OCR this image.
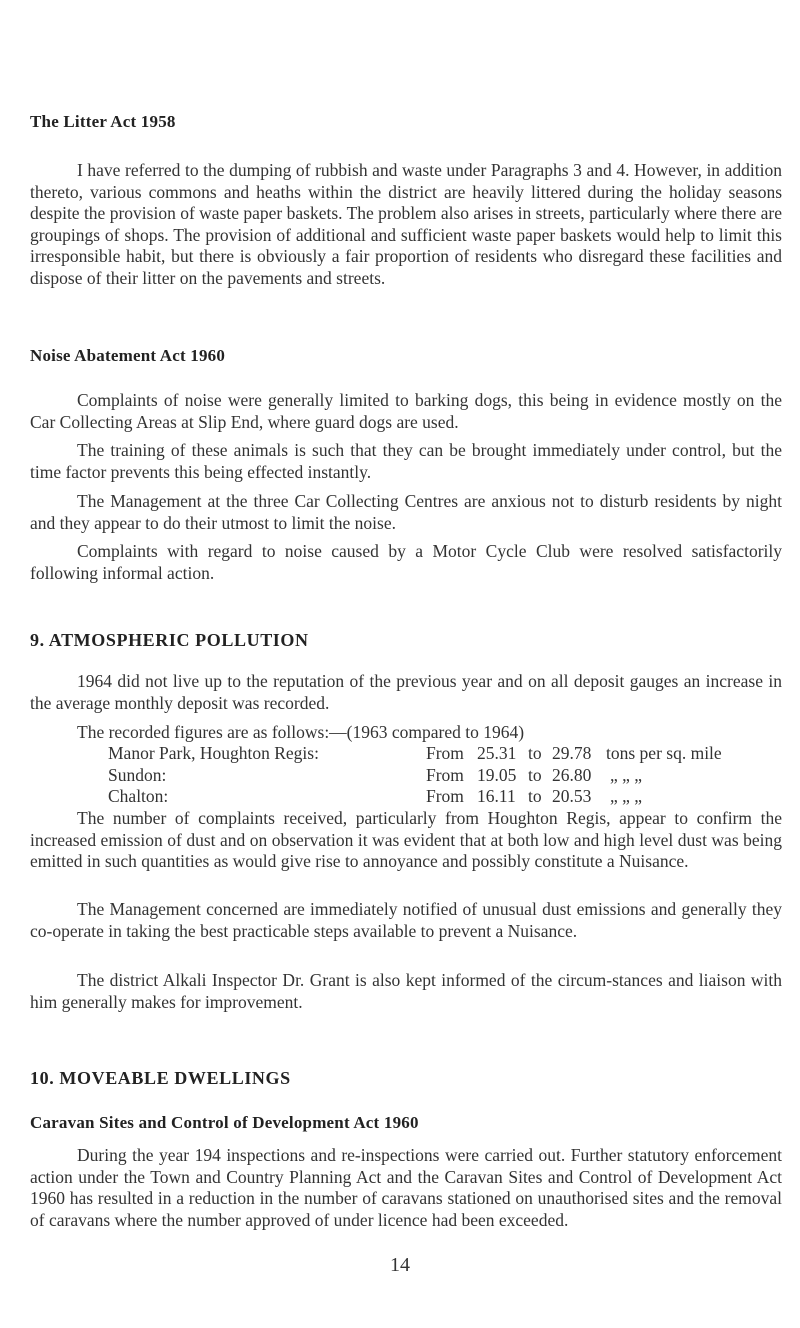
The Litter Act 1958
I have referred to the dumping of rubbish and waste under Paragraphs 3 and 4. However, in addition thereto, various commons and heaths within the district are heavily littered during the holiday seasons despite the provision of waste paper baskets. The problem also arises in streets, particularly where there are groupings of shops. The provision of additional and sufficient waste paper baskets would help to limit this irresponsible habit, but there is obviously a fair proportion of residents who disregard these facilities and dispose of their litter on the pavements and streets.
Noise Abatement Act 1960
Complaints of noise were generally limited to barking dogs, this being in evidence mostly on the Car Collecting Areas at Slip End, where guard dogs are used.
The training of these animals is such that they can be brought immediately under control, but the time factor prevents this being effected instantly.
The Management at the three Car Collecting Centres are anxious not to disturb residents by night and they appear to do their utmost to limit the noise.
Complaints with regard to noise caused by a Motor Cycle Club were resolved satisfactorily following informal action.
9. ATMOSPHERIC POLLUTION
1964 did not live up to the reputation of the previous year and on all deposit gauges an increase in the average monthly deposit was recorded.
The recorded figures are as follows:—(1963 compared to 1964)
Manor Park, Houghton Regis:	From 25.31 to 29.78 tons per sq. mile
Sundon:	From 19.05 to 26.80 „ „ „
Chalton:	From 16.11 to 20.53 „ „ „
The number of complaints received, particularly from Houghton Regis, appear to confirm the increased emission of dust and on observation it was evident that at both low and high level dust was being emitted in such quantities as would give rise to annoyance and possibly constitute a Nuisance.
The Management concerned are immediately notified of unusual dust emissions and generally they co-operate in taking the best practicable steps available to prevent a Nuisance.
The district Alkali Inspector Dr. Grant is also kept informed of the circum-stances and liaison with him generally makes for improvement.
10. MOVEABLE DWELLINGS
Caravan Sites and Control of Development Act 1960
During the year 194 inspections and re-inspections were carried out. Further statutory enforcement action under the Town and Country Planning Act and the Caravan Sites and Control of Development Act 1960 has resulted in a reduction in the number of caravans stationed on unauthorised sites and the removal of caravans where the number approved of under licence had been exceeded.
14
